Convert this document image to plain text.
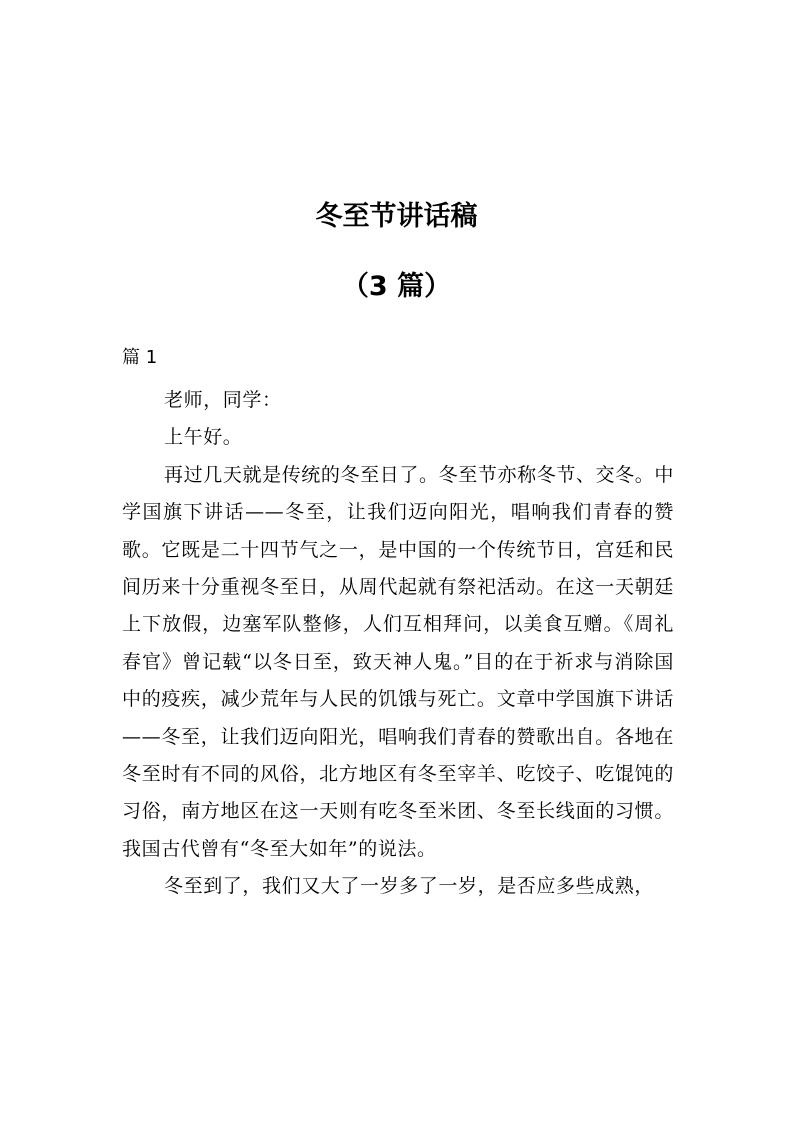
冬至节讲话稿
（3 篇）
篇 1

老师，同学：

上午好。

再过几天就是传统的冬至日了。冬至节亦称冬节、交冬。中学国旗下讲话——冬至，让我们迈向阳光，唱响我们青春的赞歌。它既是二十四节气之一，是中国的一个传统节日，宫廷和民间历来十分重视冬至日，从周代起就有祭祀活动。在这一天朝廷上下放假，边塞军队整修，人们互相拜问，以美食互赠。《周礼春官》曾记载“以冬日至，致天神人鬼。”目的在于祈求与消除国中的疫疾，减少荒年与人民的饥饿与死亡。文章中学国旗下讲话——冬至，让我们迈向阳光，唱响我们青春的赞歌出自。各地在冬至时有不同的风俗，北方地区有冬至宰羊、吃饺子、吃馄饨的习俗，南方地区在这一天则有吃冬至米团、冬至长线面的习惯。我国古代曾有“冬至大如年”的说法。

冬至到了，我们又大了一岁多了一岁，是否应多些成熟，
